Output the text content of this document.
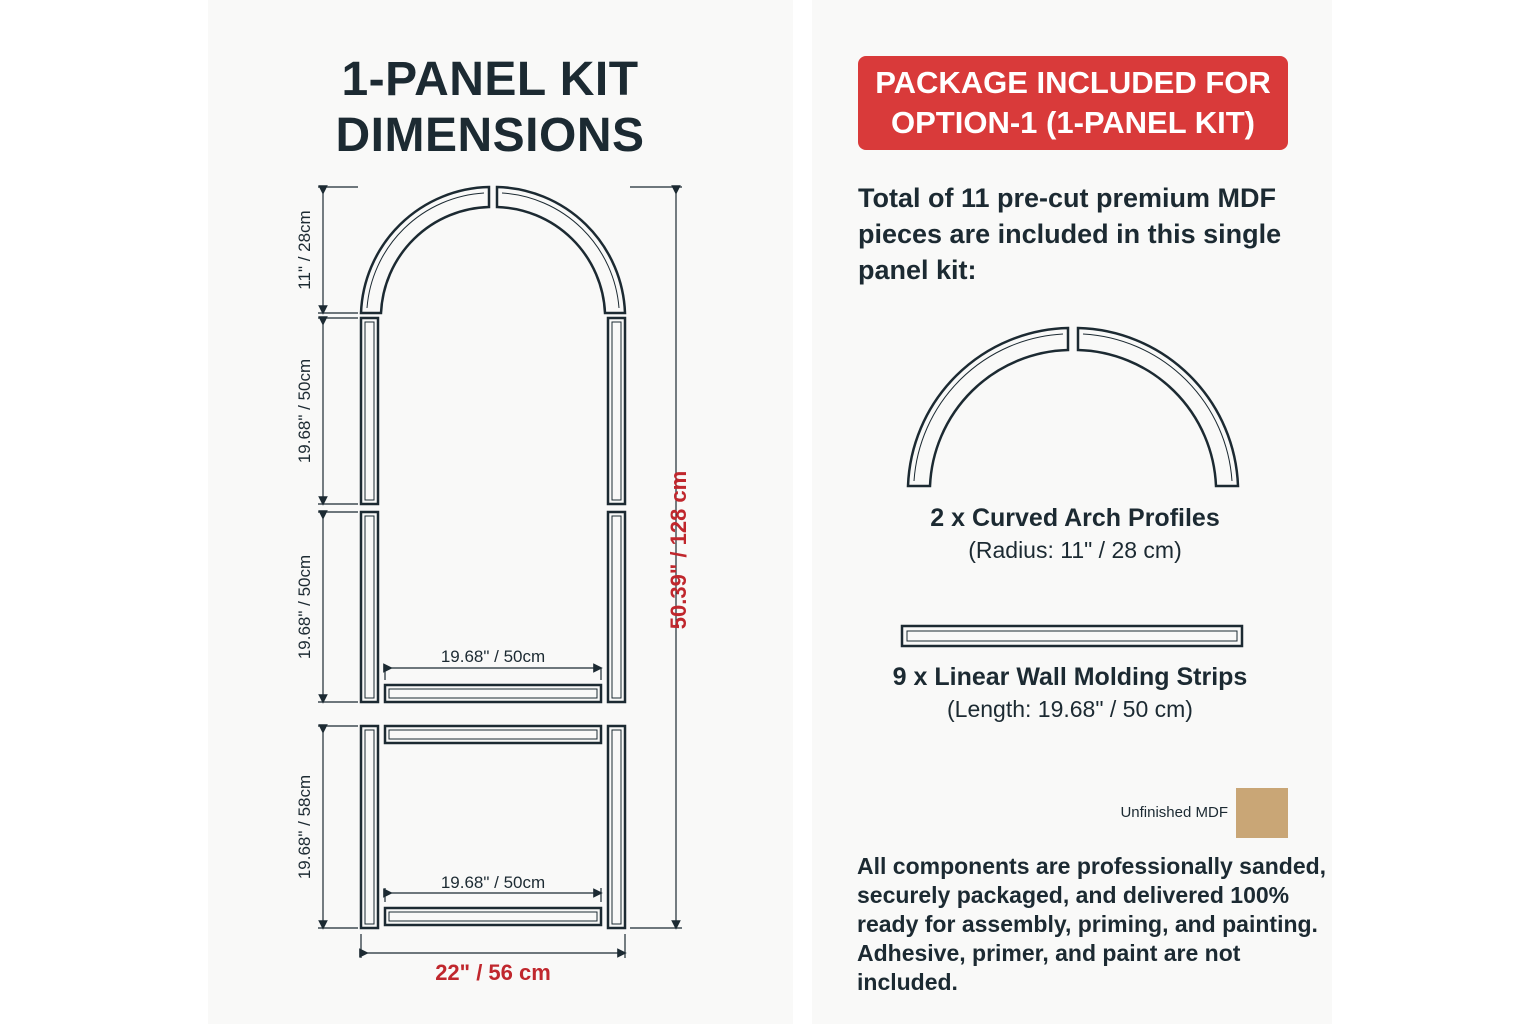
1-PANEL KIT
DIMENSIONS
11" / 28cm
19.68" / 50cm
19.68" / 50cm
19.68" / 58cm
19.68" / 50cm
19.68" / 50cm
50.39" / 128 cm
22" / 56 cm
PACKAGE INCLUDED FOR
OPTION-1 (1-PANEL KIT)
Total of 11 pre-cut premium MDF pieces are included in this single panel kit:
2 x Curved Arch Profiles
(Radius: 11" / 28 cm)
9 x Linear Wall Molding Strips
(Length: 19.68" / 50 cm)
Unfinished MDF
All components are professionally sanded, securely packaged, and delivered 100% ready for assembly, priming, and painting. Adhesive, primer, and paint are not included.
